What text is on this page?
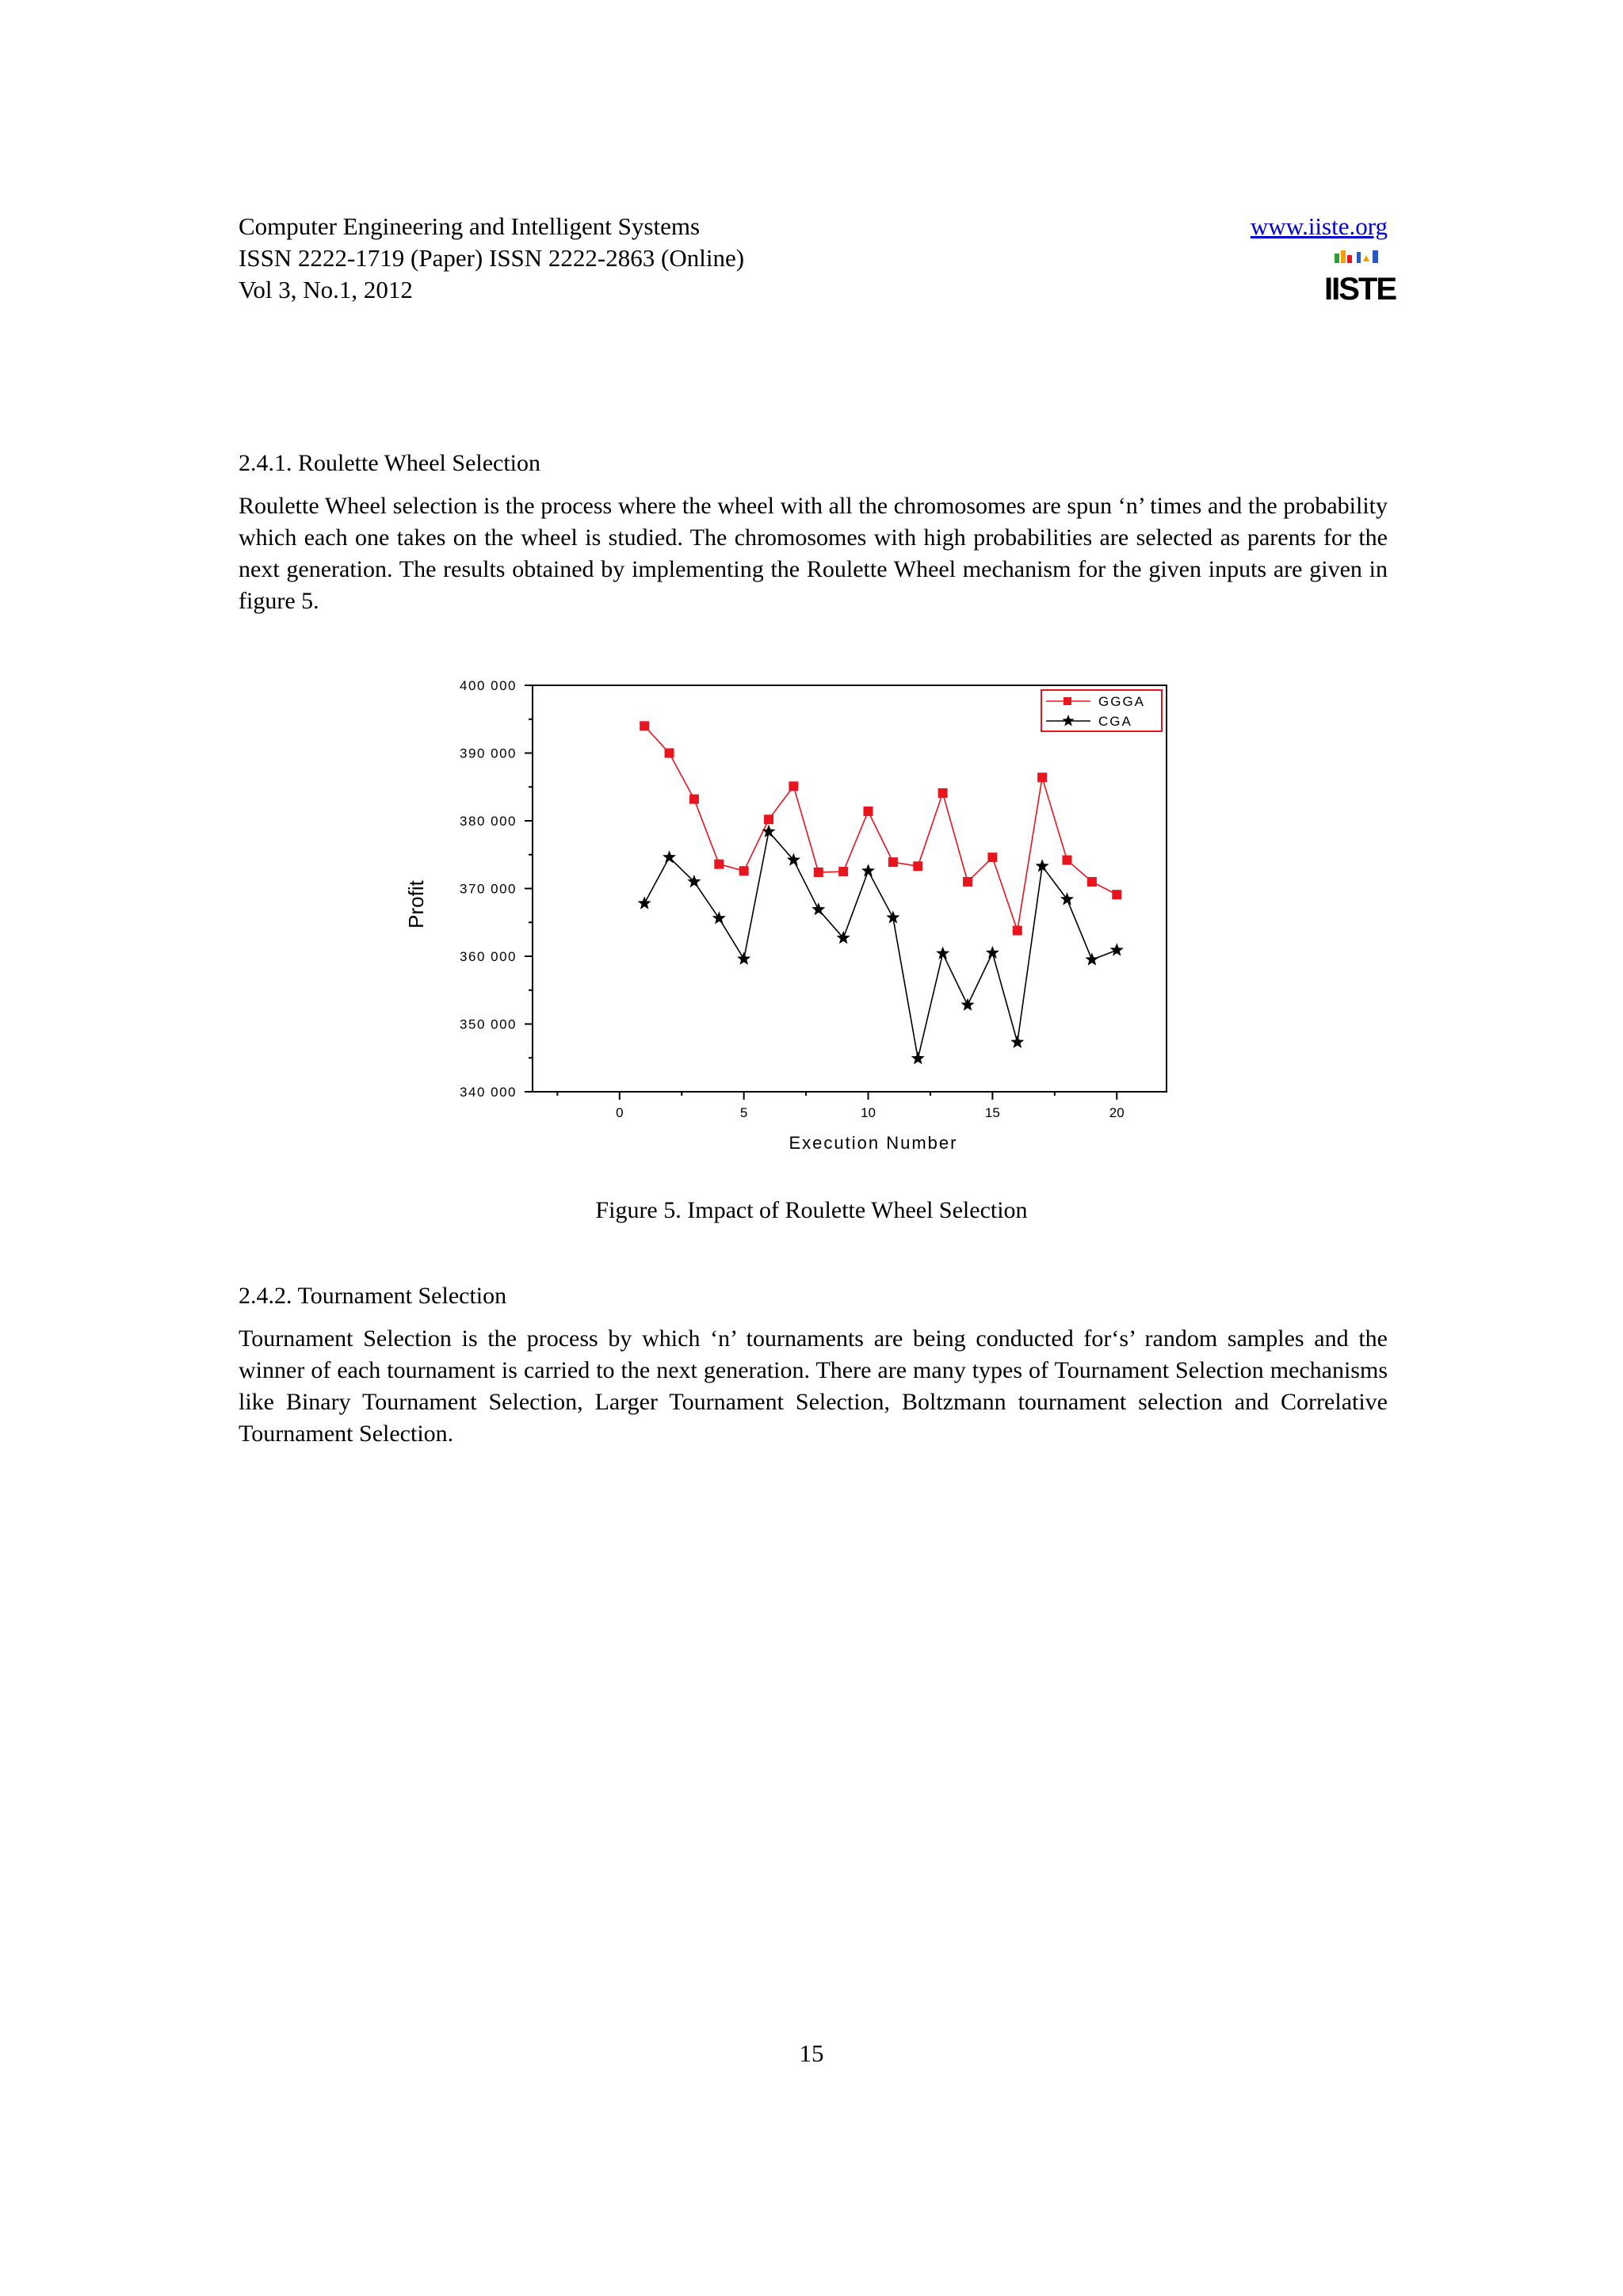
Computer Engineering and Intelligent Systems
ISSN 2222-1719 (Paper) ISSN 2222-2863 (Online)
Vol 3, No.1, 2012
www.iiste.org
IISTE
2.4.1. Roulette Wheel Selection
Roulette Wheel selection is the process where the wheel with all the chromosomes are spun ‘n’ times and the probability which each one takes on the wheel is studied. The chromosomes with high probabilities are selected as parents for the next generation. The results obtained by implementing the Roulette Wheel mechanism for the given inputs are given in figure 5.
340 000
350 000
360 000
370 000
380 000
390 000
400 000
0	5	10	15	20
GGGA
CGA
Execution Number
Profit
Figure 5. Impact of Roulette Wheel Selection
2.4.2. Tournament Selection
Tournament Selection is the process by which ‘n’ tournaments are being conducted for‘s’ random samples and the winner of each tournament is carried to the next generation. There are many types of Tournament Selection mechanisms like Binary Tournament Selection, Larger Tournament Selection, Boltzmann tournament selection and Correlative Tournament Selection.
15
